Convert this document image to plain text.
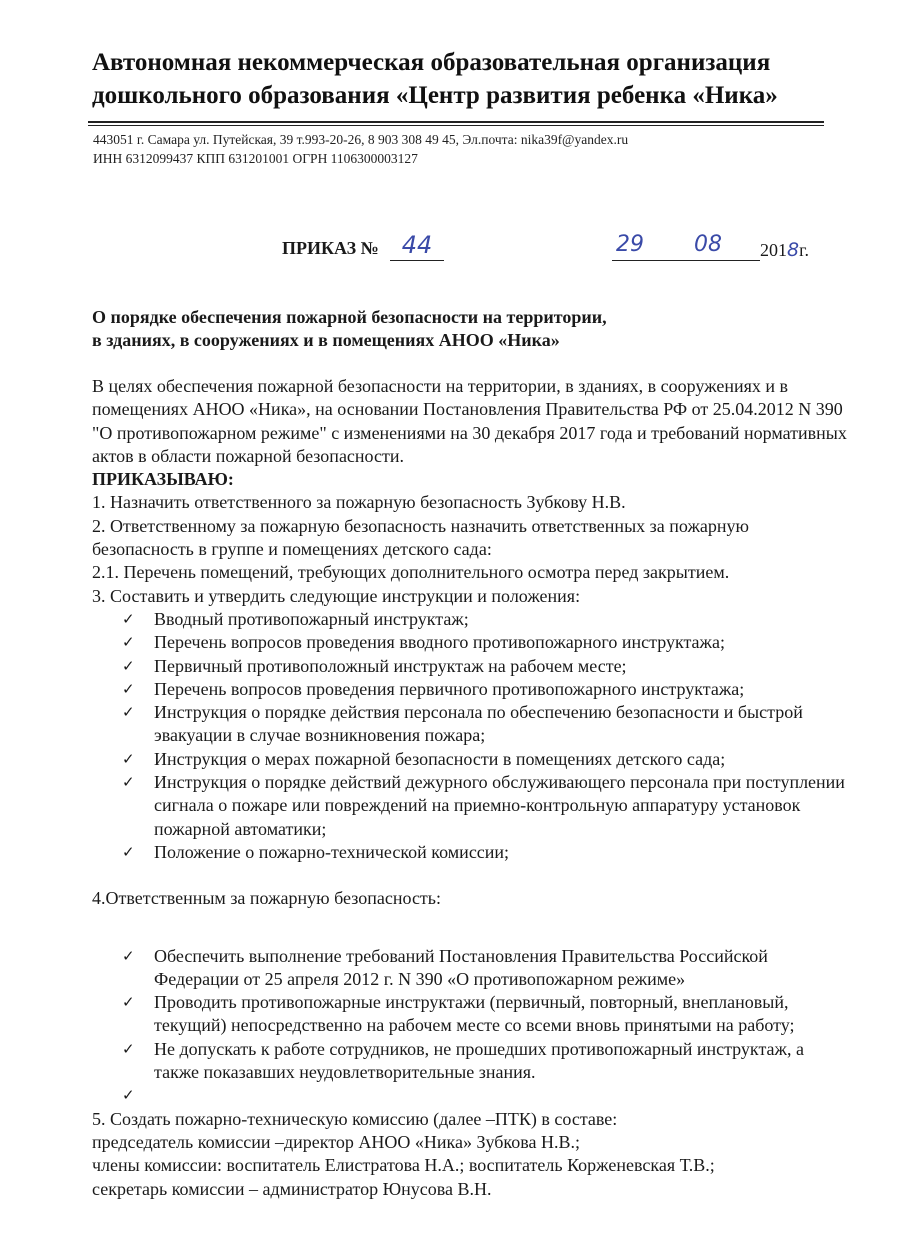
Автономная некоммерческая образовательная организация
дошкольного образования «Центр развития ребенка «Ника»
443051 г. Самара ул. Путейская, 39 т.993-20-26, 8 903 308 49 45, Эл.почта: nika39f@yandex.ru
ИНН 6312099437 КПП 631201001 ОГРН 1106300003127
ПРИКАЗ № 44	29 08 2018г.
О порядке обеспечения пожарной безопасности на территории,
в зданиях, в сооружениях и в помещениях АНОО «Ника»

В целях обеспечения пожарной безопасности на территории, в зданиях, в сооружениях и в помещениях АНОО «Ника», на основании Постановления Правительства РФ от 25.04.2012 N 390 "О противопожарном режиме" с изменениями на 30 декабря 2017 года и требований нормативных актов в области пожарной безопасности.

ПРИКАЗЫВАЮ:

1. Назначить ответственного за пожарную безопасность Зубкову Н.В.

2. Ответственному за пожарную безопасность назначить ответственных за пожарную безопасность в группе и помещениях детского сада:

2.1. Перечень помещений, требующих дополнительного осмотра перед закрытием.

3. Составить и утвердить следующие инструкции и положения:

✓ Вводный противопожарный инструктаж;
✓ Перечень вопросов проведения вводного противопожарного инструктажа;
✓ Первичный противоположный инструктаж на рабочем месте;
✓ Перечень вопросов проведения первичного противопожарного инструктажа;
✓ Инструкция о порядке действия персонала по обеспечению безопасности и быстрой эвакуации в случае возникновения пожара;
✓ Инструкция о мерах пожарной безопасности в помещениях детского сада;
✓ Инструкция о порядке действий дежурного обслуживающего персонала при поступлении сигнала о пожаре или повреждений на приемно-контрольную аппаратуру установок пожарной автоматики;
✓ Положение о пожарно-технической комиссии;

4.Ответственным за пожарную безопасность:

✓ Обеспечить выполнение требований Постановления Правительства Российской Федерации от 25 апреля 2012 г. N 390 «О противопожарном режиме»
✓ Проводить противопожарные инструктажи (первичный, повторный, внеплановый, текущий) непосредственно на рабочем месте со всеми вновь принятыми на работу;
✓ Не допускать к работе сотрудников, не прошедших противопожарный инструктаж, а также показавших неудовлетворительные знания.
✓

5. Создать пожарно-техническую комиссию (далее –ПТК) в составе:

председатель комиссии –директор АНОО «Ника» Зубкова Н.В.;

члены комиссии: воспитатель Елистратова Н.А.; воспитатель Корженевская Т.В.;

секретарь комиссии – администратор Юнусова В.Н.
